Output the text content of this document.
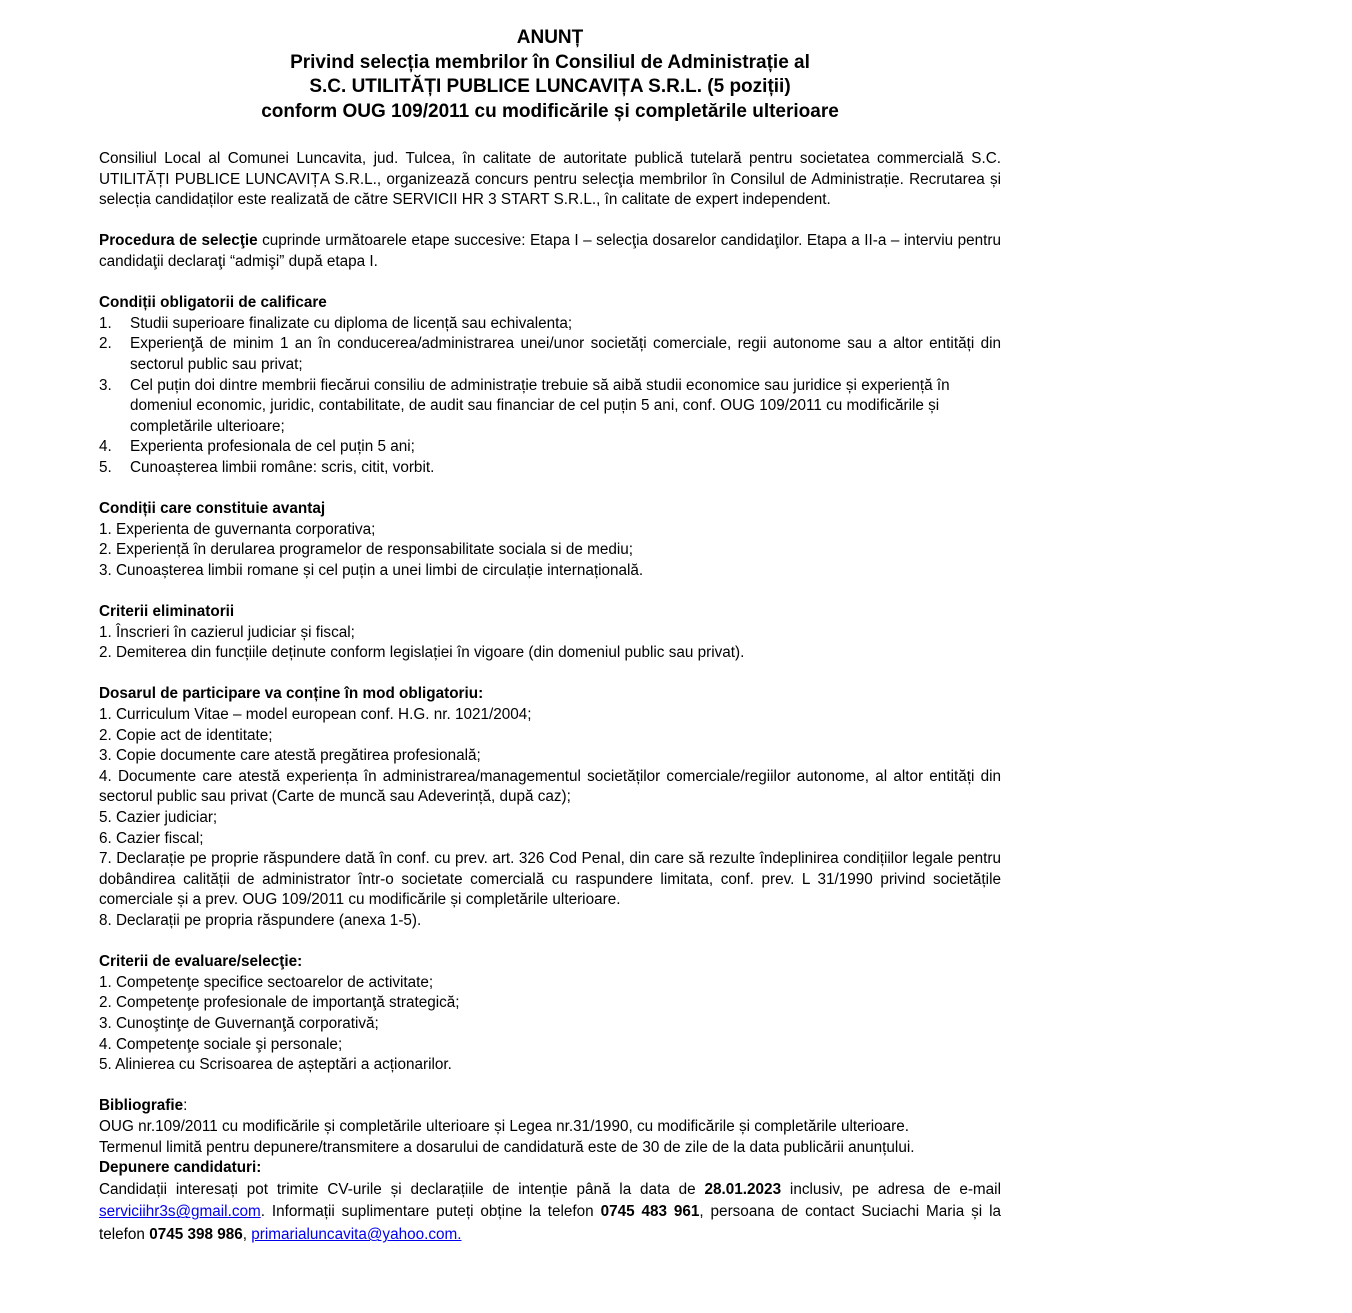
ANUNȚ
Privind selecția membrilor în Consiliul de Administrație al
S.C. UTILITĂȚI PUBLICE LUNCAVIȚA S.R.L. (5 poziții)
conform OUG 109/2011 cu modificările și completările ulterioare

Consiliul Local al Comunei Luncavita, jud. Tulcea, în calitate de autoritate publică tutelară pentru societatea commercială S.C. UTILITĂȚI PUBLICE LUNCAVIȚA S.R.L., organizează concurs pentru selecţia membrilor în Consilul de Administrație. Recrutarea și selecția candidaților este realizată de către SERVICII HR 3 START S.R.L., în calitate de expert independent.

Procedura de selecţie cuprinde următoarele etape succesive: Etapa I – selecţia dosarelor candidaţilor. Etapa a II-a – interviu pentru candidaţii declaraţi “admişi” după etapa I.

Condiții obligatorii de calificare
1.	Studii superioare finalizate cu diploma de licență sau echivalenta;
2.	Experienţă de minim 1 an în conducerea/administrarea unei/unor societăți comerciale, regii autonome sau a altor entități din sectorul public sau privat;
3.	Cel puțin doi dintre membrii fiecărui consiliu de administrație trebuie să aibă studii economice sau juridice și experiență în domeniul economic, juridic, contabilitate, de audit sau financiar de cel puțin 5 ani, conf. OUG 109/2011 cu modificările și completările ulterioare;
4.	Experienta profesionala de cel puțin 5 ani;
5.	Cunoașterea limbii române: scris, citit, vorbit.
Condiții care constituie avantaj

1. Experienta de guvernanta corporativa;

2. Experiență în derularea programelor de responsabilitate sociala si de mediu;

3. Cunoașterea limbii romane și cel puțin a unei limbi de circulație internațională.

Criterii eliminatorii

1. Înscrieri în cazierul judiciar și fiscal;

2. Demiterea din funcțiile deținute conform legislației în vigoare (din domeniul public sau privat).

Dosarul de participare va conține în mod obligatoriu:

1. Curriculum Vitae – model european conf. H.G. nr. 1021/2004;

2. Copie act de identitate;

3. Copie documente care atestă pregătirea profesională;

4. Documente care atestă experiența în administrarea/managementul societăților comerciale/regiilor autonome, al altor entități din sectorul public sau privat (Carte de muncă sau Adeverință, după caz);

5. Cazier judiciar;

6. Cazier fiscal;

7. Declarație pe proprie răspundere dată în conf. cu prev. art. 326 Cod Penal, din care să rezulte îndeplinirea condițiilor legale pentru dobândirea calității de administrator într-o societate comercială cu raspundere limitata, conf. prev. L 31/1990 privind societățile comerciale și a prev. OUG 109/2011 cu modificările și completările ulterioare.

8. Declarații pe propria răspundere (anexa 1-5).

Criterii de evaluare/selecţie:

1. Competenţe specifice sectoarelor de activitate;

2. Competenţe profesionale de importanţă strategică;

3. Cunoştinţe de Guvernanţă corporativă;

4. Competenţe sociale şi personale;

5. Alinierea cu Scrisoarea de așteptări a acționarilor.

Bibliografie:

OUG nr.109/2011 cu modificările și completările ulterioare și Legea nr.31/1990, cu modificările și completările ulterioare.

Termenul limită pentru depunere/transmitere a dosarului de candidatură este de 30 de zile de la data publicării anunțului.

Depunere candidaturi:

Candidații interesați pot trimite CV-urile și declarațiile de intenție până la data de 28.01.2023 inclusiv, pe adresa de e-mail serviciihr3s@gmail.com. Informații suplimentare puteți obține la telefon 0745 483 961, persoana de contact Suciachi Maria și la telefon 0745 398 986, primarialuncavita@yahoo.com.
